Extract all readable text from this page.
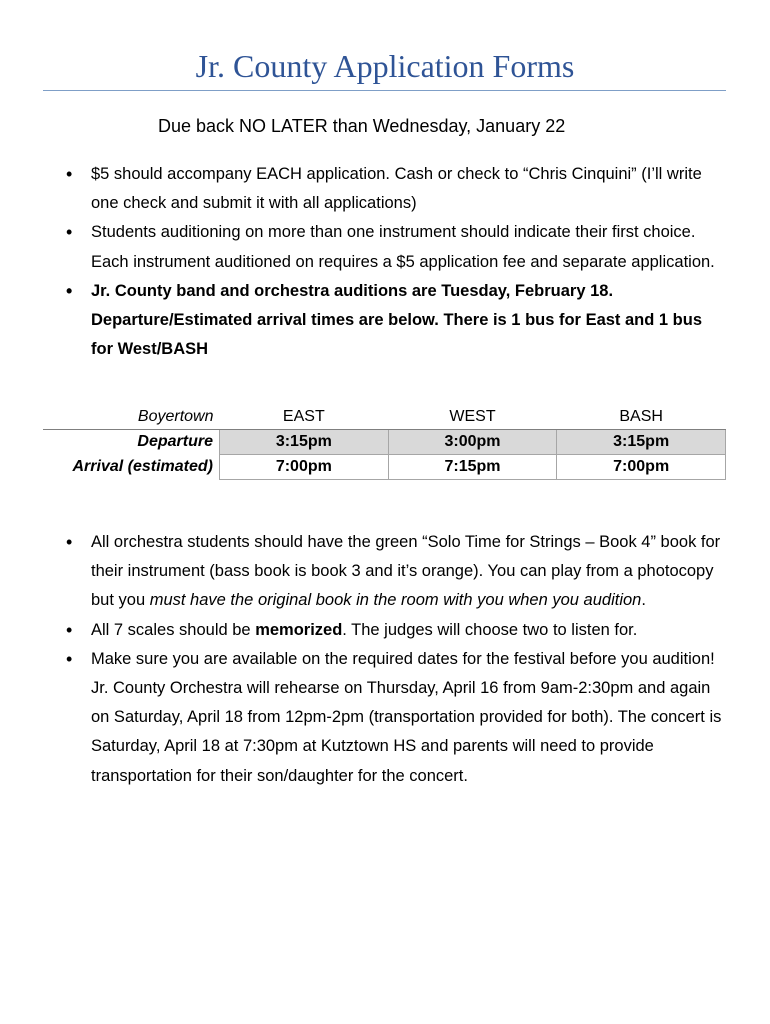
Jr. County Application Forms
Due back NO LATER than Wednesday, January 22
• $5 should accompany EACH application. Cash or check to “Chris Cinquini” (I’ll write one check and submit it with all applications)
• Students auditioning on more than one instrument should indicate their first choice. Each instrument auditioned on requires a $5 application fee and separate application.
• Jr. County band and orchestra auditions are Tuesday, February 18. Departure/Estimated arrival times are below. There is 1 bus for East and 1 bus for West/BASH
Boyertown	EAST	WEST	BASH
Departure	3:15pm	3:00pm	3:15pm
Arrival (estimated)	7:00pm	7:15pm	7:00pm
• All orchestra students should have the green “Solo Time for Strings – Book 4” book for their instrument (bass book is book 3 and it’s orange). You can play from a photocopy but you must have the original book in the room with you when you audition.
• All 7 scales should be memorized. The judges will choose two to listen for.
• Make sure you are available on the required dates for the festival before you audition! Jr. County Orchestra will rehearse on Thursday, April 16 from 9am-2:30pm and again on Saturday, April 18 from 12pm-2pm (transportation provided for both). The concert is Saturday, April 18 at 7:30pm at Kutztown HS and parents will need to provide transportation for their son/daughter for the concert.
